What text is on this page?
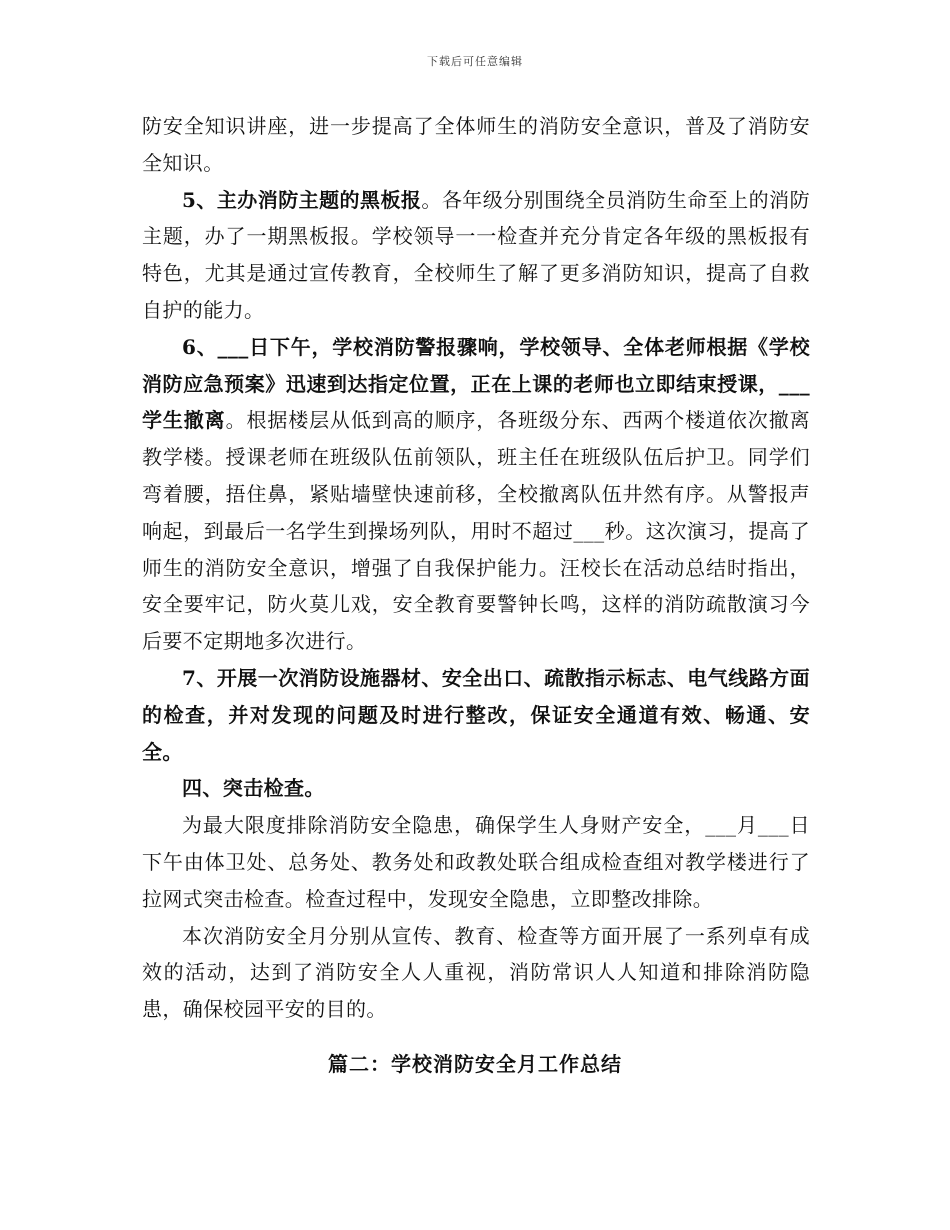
下载后可任意编辑

防安全知识讲座，进一步提高了全体师生的消防安全意识，普及了消防安全知识。

5、主办消防主题的黑板报。各年级分别围绕全员消防生命至上的消防主题，办了一期黑板报。学校领导一一检查并充分肯定各年级的黑板报有特色，尤其是通过宣传教育，全校师生了解了更多消防知识，提高了自救自护的能力。

6、___日下午，学校消防警报骤响，学校领导、全体老师根据《学校消防应急预案》迅速到达指定位置，正在上课的老师也立即结束授课，___学生撤离。根据楼层从低到高的顺序，各班级分东、西两个楼道依次撤离教学楼。授课老师在班级队伍前领队，班主任在班级队伍后护卫。同学们弯着腰，捂住鼻，紧贴墙壁快速前移，全校撤离队伍井然有序。从警报声响起，到最后一名学生到操场列队，用时不超过___秒。这次演习，提高了师生的消防安全意识，增强了自我保护能力。汪校长在活动总结时指出，安全要牢记，防火莫儿戏，安全教育要警钟长鸣，这样的消防疏散演习今后要不定期地多次进行。

7、开展一次消防设施器材、安全出口、疏散指示标志、电气线路方面的检查，并对发现的问题及时进行整改，保证安全通道有效、畅通、安全。

四、突击检查。

为最大限度排除消防安全隐患，确保学生人身财产安全，___月___日下午由体卫处、总务处、教务处和政教处联合组成检查组对教学楼进行了拉网式突击检查。检查过程中，发现安全隐患，立即整改排除。

本次消防安全月分别从宣传、教育、检查等方面开展了一系列卓有成效的活动，达到了消防安全人人重视，消防常识人人知道和排除消防隐患，确保校园平安的目的。

篇二：学校消防安全月工作总结
